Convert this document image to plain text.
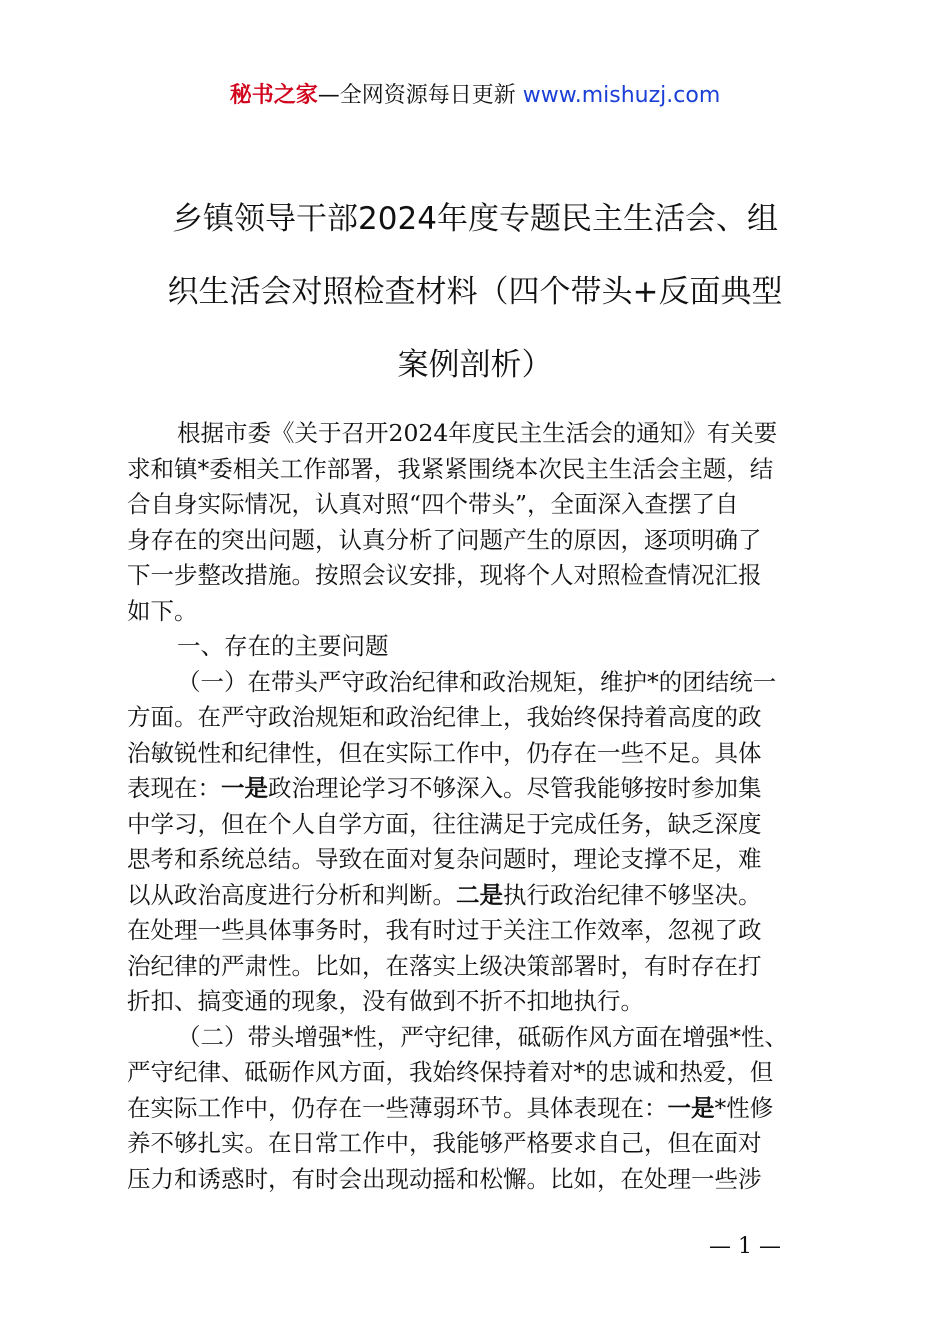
秘书之家—全网资源每日更新 www.mishuzj.com
乡镇领导干部2024年度专题民主生活会、组
织生活会对照检查材料（四个带头+反面典型
案例剖析）
根据市委《关于召开2024年度民主生活会的通知》有关要
求和镇*委相关工作部署，我紧紧围绕本次民主生活会主题，结
合自身实际情况，认真对照“四个带头”，全面深入查摆了自
身存在的突出问题，认真分析了问题产生的原因，逐项明确了
下一步整改措施。按照会议安排，现将个人对照检查情况汇报
如下。
一、存在的主要问题
（一）在带头严守政治纪律和政治规矩，维护*的团结统一
方面。在严守政治规矩和政治纪律上，我始终保持着高度的政
治敏锐性和纪律性，但在实际工作中，仍存在一些不足。具体
表现在：一是政治理论学习不够深入。尽管我能够按时参加集
中学习，但在个人自学方面，往往满足于完成任务，缺乏深度
思考和系统总结。导致在面对复杂问题时，理论支撑不足，难
以从政治高度进行分析和判断。二是执行政治纪律不够坚决。
在处理一些具体事务时，我有时过于关注工作效率，忽视了政
治纪律的严肃性。比如，在落实上级决策部署时，有时存在打
折扣、搞变通的现象，没有做到不折不扣地执行。
（二）带头增强*性，严守纪律，砥砺作风方面在增强*性、
严守纪律、砥砺作风方面，我始终保持着对*的忠诚和热爱，但
在实际工作中，仍存在一些薄弱环节。具体表现在：一是*性修
养不够扎实。在日常工作中，我能够严格要求自己，但在面对
压力和诱惑时，有时会出现动摇和松懈。比如，在处理一些涉
— 1 —
